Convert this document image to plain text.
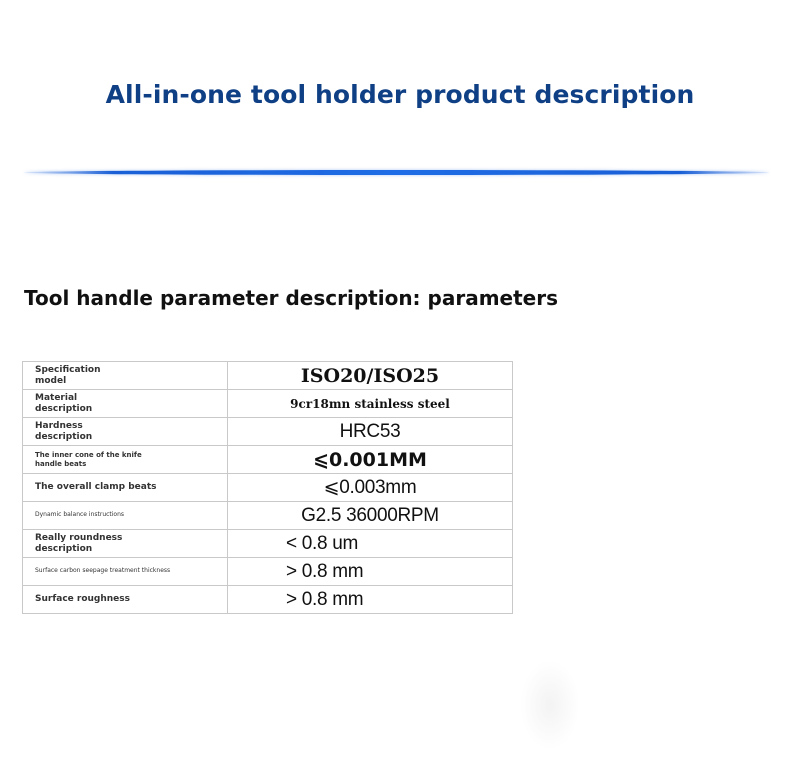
All-in-one tool holder product description
Tool handle parameter description: parameters
Specification model	ISO20/ISO25
Material description	9cr18mn stainless steel
Hardness description	HRC53
The inner cone of the knife handle beats	⩽0.001MM
The overall clamp beats	⩽0.003mm
Dynamic balance instructions	G2.5 36000RPM
Really roundness description	< 0.8 um
Surface carbon seepage treatment thickness	> 0.8 mm
Surface roughness	> 0.8 mm
